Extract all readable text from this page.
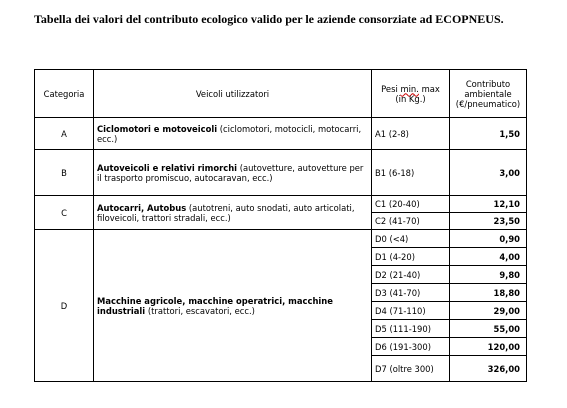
Tabella dei valori del contributo ecologico valido per le aziende consorziate ad ECOPNEUS.
Categoria	Veicoli utilizzatori	Pesi min. max (in Kg.)	Contributo ambientale (€/pneumatico)
A	Ciclomotori e motoveicoli (ciclomotori, motocicli, motocarri, ecc.)	A1 (2-8)	1,50
B	Autoveicoli e relativi rimorchi (autovetture, autovetture per il trasporto promiscuo, autocaravan, ecc.)	B1 (6-18)	3,00
C	Autocarri, Autobus (autotreni, auto snodati, auto articolati, filoveicoli, trattori stradali, ecc.)	C1 (20-40)	12,10
		C2 (41-70)	23,50
D	Macchine agricole, macchine operatrici, macchine industriali (trattori, escavatori, ecc.)	D0 (<4)	0,90
		D1 (4-20)	4,00
		D2 (21-40)	9,80
		D3 (41-70)	18,80
		D4 (71-110)	29,00
		D5 (111-190)	55,00
		D6 (191-300)	120,00
		D7 (oltre 300)	326,00
